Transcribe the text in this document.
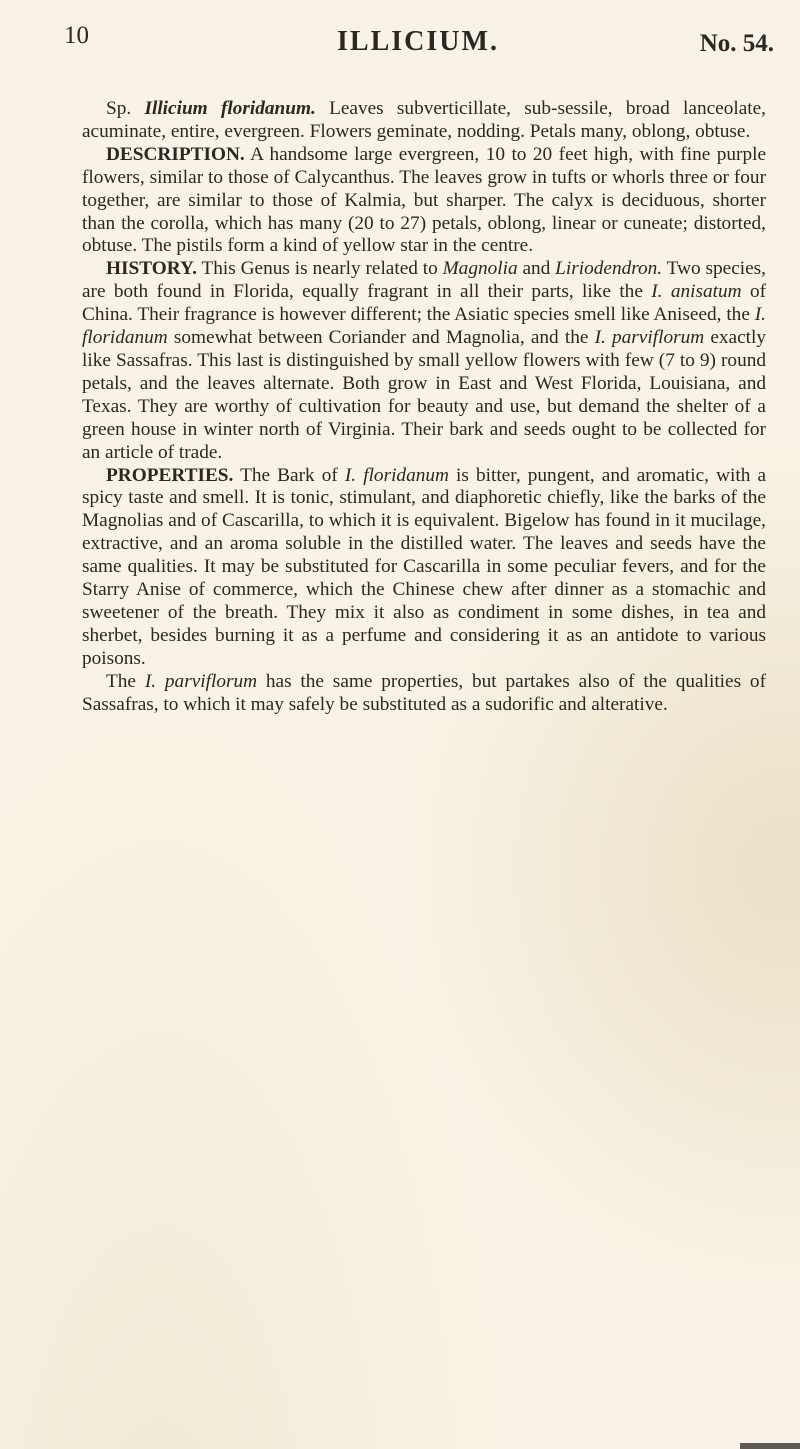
10	ILLICIUM.	No. 54.

Sp. Illicium floridanum. Leaves subverticillate, sub-sessile, broad lanceolate, acuminate, entire, evergreen. Flowers geminate, nodding. Petals many, oblong, obtuse.

DESCRIPTION. A handsome large evergreen, 10 to 20 feet high, with fine purple flowers, similar to those of Calycanthus. The leaves grow in tufts or whorls three or four together, are similar to those of Kalmia, but sharper. The calyx is deciduous, shorter than the corolla, which has many (20 to 27) petals, oblong, linear or cuneate; distorted, obtuse. The pistils form a kind of yellow star in the centre.

HISTORY. This Genus is nearly related to Magnolia and Liriodendron. Two species, are both found in Florida, equally fragrant in all their parts, like the I. anisatum of China. Their fragrance is however different; the Asiatic species smell like Aniseed, the I. floridanum somewhat between Coriander and Magnolia, and the I. parviflorum exactly like Sassafras. This last is distinguished by small yellow flowers with few (7 to 9) round petals, and the leaves alternate. Both grow in East and West Florida, Louisiana, and Texas. They are worthy of cultivation for beauty and use, but demand the shelter of a green house in winter north of Virginia. Their bark and seeds ought to be collected for an article of trade.

PROPERTIES. The Bark of I. floridanum is bitter, pungent, and aromatic, with a spicy taste and smell. It is tonic, stimulant, and diaphoretic chiefly, like the barks of the Magnolias and of Cascarilla, to which it is equivalent. Bigelow has found in it mucilage, extractive, and an aroma soluble in the distilled water. The leaves and seeds have the same qualities. It may be substituted for Cascarilla in some peculiar fevers, and for the Starry Anise of commerce, which the Chinese chew after dinner as a stomachic and sweetener of the breath. They mix it also as condiment in some dishes, in tea and sherbet, besides burning it as a perfume and considering it as an antidote to various poisons.

The I. parviflorum has the same properties, but partakes also of the qualities of Sassafras, to which it may safely be substituted as a sudorific and alterative.
